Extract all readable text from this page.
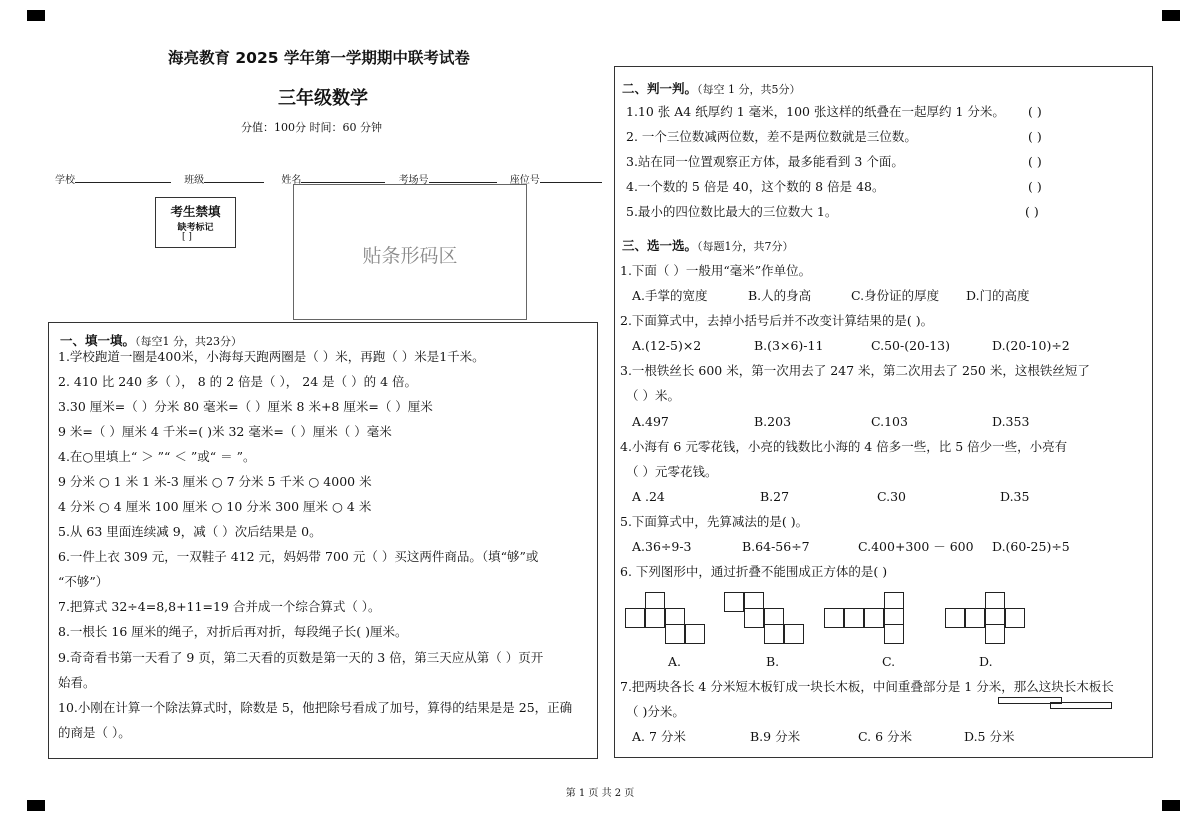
海亮教育 2025 学年第一学期期中联考试卷
三年级数学
分值：100分 时间：60 分钟
学校	班级	姓名	考场号	座位号
考生禁填
缺考标记
[ ]
贴条形码区
一、填一填。（每空1 分，共23分）
1.学校跑道一圈是400米，小海每天跑两圈是（ ）米，再跑（ ）米是1千米。
2. 410 比 240 多（ ）， 8 的 2 倍是（ ）， 24 是（ ）的 4 倍。
3.30 厘米=（ ）分米 80 毫米=（ ）厘米 8 米+8 厘米=（ ）厘米
9 米=（ ）厘米 4 千米=( )米 32 毫米=（ ）厘米（ ）毫米
4.在○里填上“ ＞ ”“ ＜ ”或“ ＝ ”。
9 分米 ○ 1 米 1 米-3 厘米 ○ 7 分米 5 千米 ○ 4000 米
4 分米 ○ 4 厘米 100 厘米 ○ 10 分米 300 厘米 ○ 4 米
5.从 63 里面连续减 9，减（ ）次后结果是 0。
6.一件上衣 309 元，一双鞋子 412 元，妈妈带 700 元（ ）买这两件商品。（填“够”或
“不够”）
7.把算式 32÷4=8,8+11=19 合并成一个综合算式（ ）。
8.一根长 16 厘米的绳子，对折后再对折，每段绳子长( )厘米。
9.奇奇看书第一天看了 9 页，第二天看的页数是第一天的 3 倍，第三天应从第（ ）页开
始看。
10.小刚在计算一个除法算式时，除数是 5，他把除号看成了加号，算得的结果是是 25，正确
的商是（ ）。
二、判一判。（每空 1 分，共5分）
1.10 张 A4 纸厚约 1 毫米，100 张这样的纸叠在一起厚约 1 分米。 ( )
2. 一个三位数减两位数，差不是两位数就是三位数。	( )
3.站在同一位置观察正方体，最多能看到 3 个面。	( )
4.一个数的 5 倍是 40，这个数的 8 倍是 48。	( )
5.最小的四位数比最大的三位数大 1。	( )
三、选一选。（每题1分，共7分）
1.下面（ ）一般用“毫米”作单位。
A.手掌的宽度	B.人的身高	C.身份证的厚度 D.门的高度
2.下面算式中，去掉小括号后并不改变计算结果的是( )。
A.(12-5)×2	B.(3×6)-11	C.50-(20-13)	D.(20-10)÷2
3.一根铁丝长 600 米，第一次用去了 247 米，第二次用去了 250 米，这根铁丝短了
（ ）米。
A.497	B.203	C.103	D.353
4.小海有 6 元零花钱，小亮的钱数比小海的 4 倍多一些，比 5 倍少一些，小亮有
（ ）元零花钱。
A .24	B.27	C.30	D.35
5.下面算式中，先算减法的是( )。
A.36÷9-3	B.64-56÷7	C.400+300 － 600 D.(60-25)÷5
6. 下列图形中，通过折叠不能围成正方体的是( )
A.	B.	C.	D.
7.把两块各长 4 分米短木板钉成一块长木板，中间重叠部分是 1 分米，那么这块长木板长
（ )分米。
A. 7 分米	B.9 分米	C. 6 分米	D.5 分米
第 1 页 共 2 页
